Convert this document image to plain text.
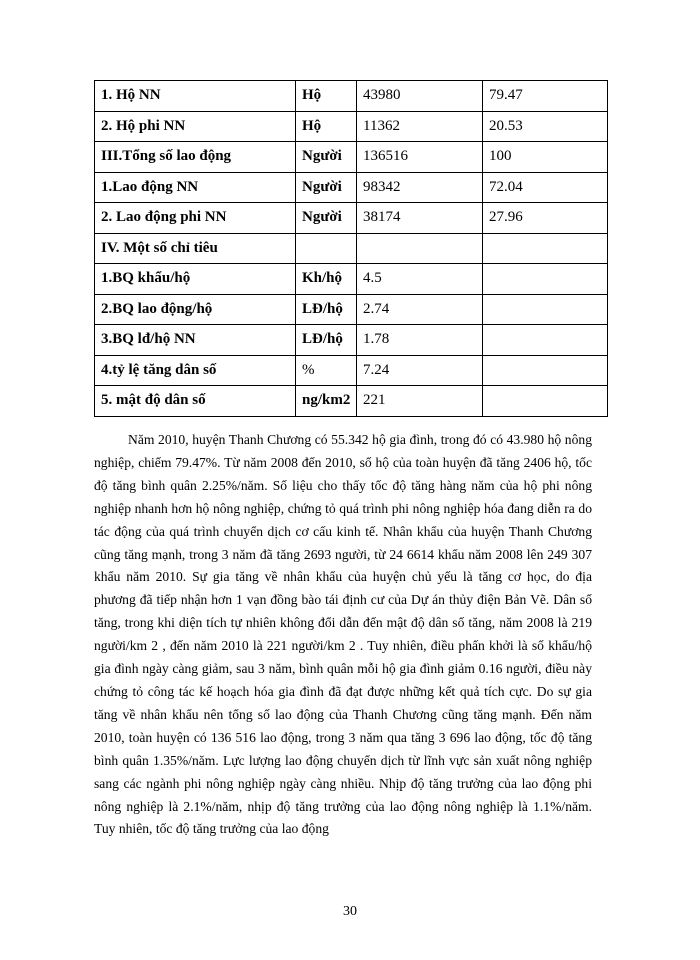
1. Hộ NN	Hộ	43980	79.47
2. Hộ phi NN	Hộ	11362	20.53
III.Tổng số lao động	Người	136516	100
1.Lao động NN	Người	98342	72.04
2. Lao động phi NN	Người	38174	27.96
IV. Một số chỉ tiêu			
1.BQ khẩu/hộ	Kh/hộ	4.5	
2.BQ lao động/hộ	LĐ/hộ	2.74	
3.BQ lđ/hộ NN	LĐ/hộ	1.78	
4.tỷ lệ tăng dân số	%	7.24	
5. mật độ dân số	ng/km2	221	

Năm 2010, huyện Thanh Chương có 55.342 hộ gia đình, trong đó có 43.980 hộ nông nghiệp, chiếm 79.47%. Từ năm 2008 đến 2010, số hộ của toàn huyện đã tăng 2406 hộ, tốc độ tăng bình quân 2.25%/năm. Số liệu cho thấy tốc độ tăng hàng năm của hộ phi nông nghiệp nhanh hơn hộ nông nghiệp, chứng tỏ quá trình phi nông nghiệp hóa đang diễn ra do tác động của quá trình chuyển dịch cơ cấu kinh tế. Nhân khẩu của huyện Thanh Chương cũng tăng mạnh, trong 3 năm đã tăng 2693 người, từ 24 6614 khẩu năm 2008 lên 249 307 khẩu năm 2010. Sự gia tăng về nhân khẩu của huyện chủ yếu là tăng cơ học, do địa phương đã tiếp nhận hơn 1 vạn đồng bào tái định cư của Dự án thủy điện Bản Vẽ. Dân số tăng, trong khi diện tích tự nhiên không đổi dẫn đến mật độ dân số tăng, năm 2008 là 219 người/km 2 , đến năm 2010 là 221 người/km 2 . Tuy nhiên, điều phấn khởi là số khẩu/hộ gia đình ngày càng giảm, sau 3 năm, bình quân mỗi hộ gia đình giảm 0.16 người, điều này chứng tỏ công tác kế hoạch hóa gia đình đã đạt được những kết quả tích cực. Do sự gia tăng về nhân khẩu nên tổng số lao động của Thanh Chương cũng tăng mạnh. Đến năm 2010, toàn huyện có 136 516 lao động, trong 3 năm qua tăng 3 696 lao động, tốc độ tăng bình quân 1.35%/năm. Lực lượng lao động chuyển dịch từ lĩnh vực sản xuất nông nghiệp sang các ngành phi nông nghiệp ngày càng nhiều. Nhịp độ tăng trưởng của lao động phi nông nghiệp là 2.1%/năm, nhịp độ tăng trưởng của lao động nông nghiệp là 1.1%/năm. Tuy nhiên, tốc độ tăng trưởng của lao động

30
